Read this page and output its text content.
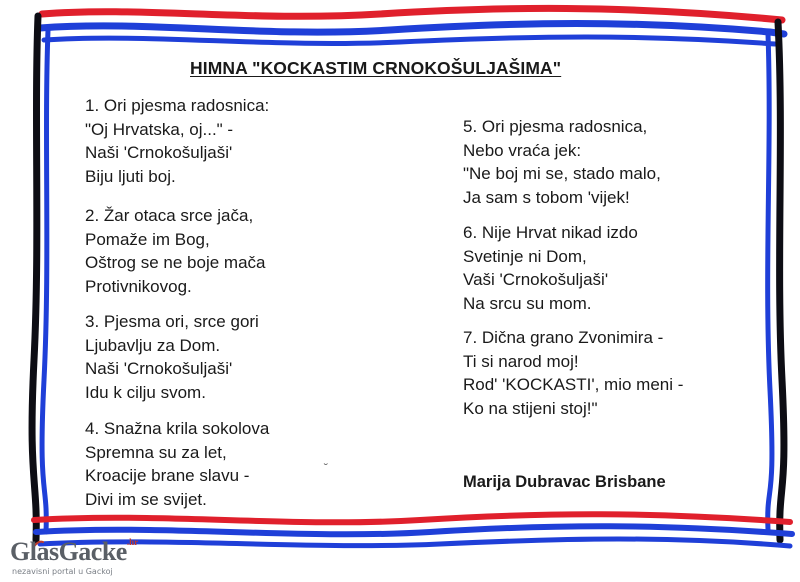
HIMNA "KOCKASTIM CRNOKOŠULJAŠIMA"
1. Ori pjesma radosnica:
"Oj Hrvatska, oj..." -
Naši 'Crnokošuljaši'
Biju ljuti boj.
2. Žar otaca srce jača,
Pomaže im Bog,
Oštrog se ne boje mača
Protivnikovog.
3. Pjesma ori, srce gori
Ljubavlju za Dom.
Naši 'Crnokošuljaši'
Idu k cilju svom.
4. Snažna krila sokolova
Spremna su za let,
Kroacije brane slavu -
Divi im se svijet.
5. Ori pjesma radosnica,
Nebo vraća jek:
"Ne boj mi se, stado malo,
Ja sam s tobom 'vijek!
6. Nije Hrvat nikad izdo
Svetinje ni Dom,
Vaši 'Crnokošuljaši'
Na srcu su mom.
7. Dična grano Zvonimira -
Ti si narod moj!
Rod' 'KOCKASTI', mio meni -
Ko na stijeni stoj!"
˘
Marija Dubravac Brisbane
GlasGacke$^{.hr}$
nezavisni portal u Gackoj
